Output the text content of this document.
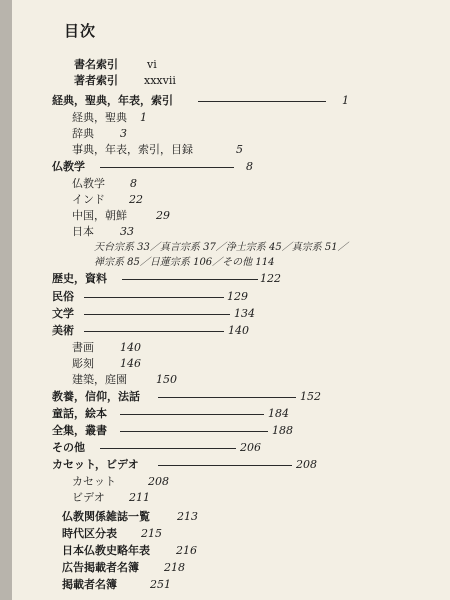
目次
書名索引	vi
著者索引 xxxvii
経典，聖典，年表，索引	1
経典，聖典 1
辞典 3
事典，年表，索引，目録	5
仏教学	8
仏教学 8
インド 22
中国，朝鮮	29
日本 33
天台宗系 33／真言宗系 37／浄土宗系 45／真宗系 51／
禅宗系 85／日蓮宗系 106／その他 114
歴史，資料	122
民俗	129
文学	134
美術	140
書画 140
彫刻 146
建築，庭園	150
教養，信仰，法話	152
童話，絵本	184
全集，叢書	188
その他	206
カセット，ビデオ	208
カセット	208
ビデオ 211
仏教関係雑誌一覧 213
時代区分表 215
日本仏教史略年表 216
広告掲載者名簿 218
掲載者名簿	251
